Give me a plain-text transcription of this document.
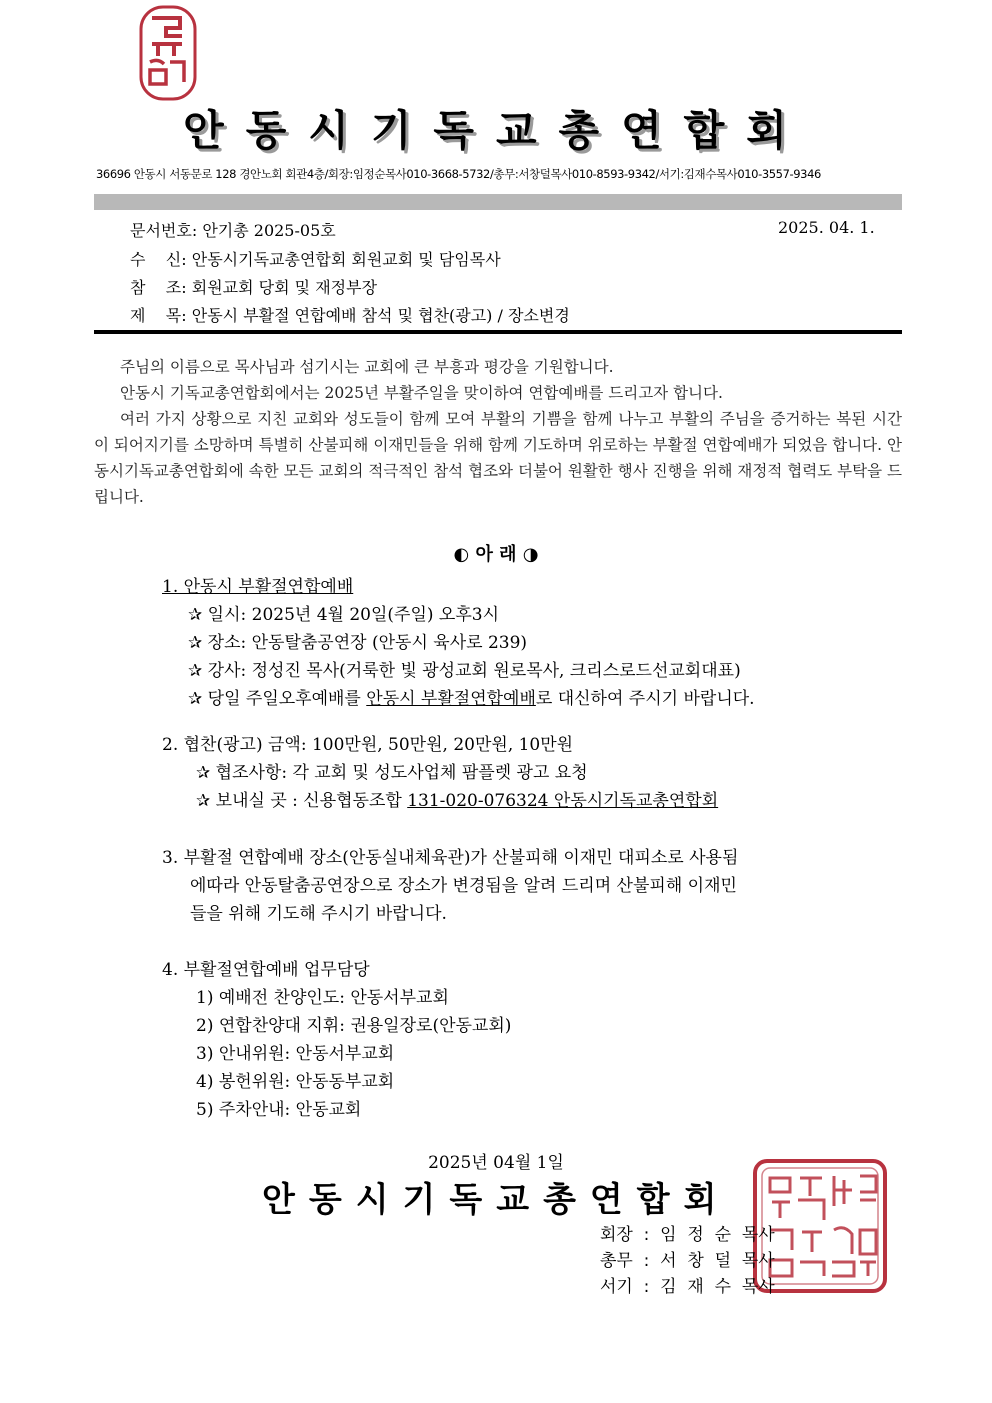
안동시기독교총연합회
36696 안동시 서동문로 128 경안노회 회관4층/회장:임정순목사010-3668-5732/총무:서창덜목사010-8593-9342/서기:김재수목사010-3557-9346
문서번호: 안기총 2025-05호	2025. 04. 1.
수    신: 안동시기독교총연합회 회원교회 및 담임목사
참    조: 회원교회 당회 및 재정부장
제    목: 안동시 부활절 연합예배 참석 및 협찬(광고) / 장소변경
주님의 이름으로 목사님과 섬기시는 교회에 큰 부흥과 평강을 기원합니다.
안동시 기독교총연합회에서는 2025년 부활주일을 맞이하여 연합예배를 드리고자 합니다.
여러 가지 상황으로 지친 교회와 성도들이 함께 모여 부활의 기쁨을 함께 나누고 부활의 주님을 증거하는 복된 시간이 되어지기를 소망하며 특별히 산불피해 이재민들을 위해 함께 기도하며 위로하는 부활절 연합예배가 되었음 합니다. 안동시기독교총연합회에 속한 모든 교회의 적극적인 참석 협조와 더불어 원활한 행사 진행을 위해 재정적 협력도 부탁을 드립니다.
◐ 아 래 ◑
1. 안동시 부활절연합예배
✰ 일시: 2025년 4월 20일(주일) 오후3시
✰ 장소: 안동탈춤공연장 (안동시 육사로 239)
✰ 강사: 정성진 목사(거룩한 빛 광성교회 원로목사, 크리스로드선교회대표)
✰ 당일 주일오후예배를 안동시 부활절연합예배로 대신하여 주시기 바랍니다.
2. 협찬(광고) 금액: 100만원, 50만원, 20만원, 10만원
✰ 협조사항: 각 교회 및 성도사업체 팜플렛 광고 요청
✰ 보내실 곳 : 신용협동조합 131-020-076324 안동시기독교총연합회
3. 부활절 연합예배 장소(안동실내체육관)가 산불피해 이재민 대피소로 사용됨
에따라 안동탈춤공연장으로 장소가 변경됨을 알려 드리며 산불피해 이재민
들을 위해 기도해 주시기 바랍니다.
4. 부활절연합예배 업무담당
1) 예배전 찬양인도: 안동서부교회
2) 연합찬양대 지휘: 권용일장로(안동교회)
3) 안내위원: 안동서부교회
4) 봉헌위원: 안동동부교회
5) 주차안내: 안동교회
2025년 04월 1일
안동시기독교총연합회
회장  :  임  정  순  목사
총무  :  서  창  덜  목사
서기  :  김  재  수  목사
